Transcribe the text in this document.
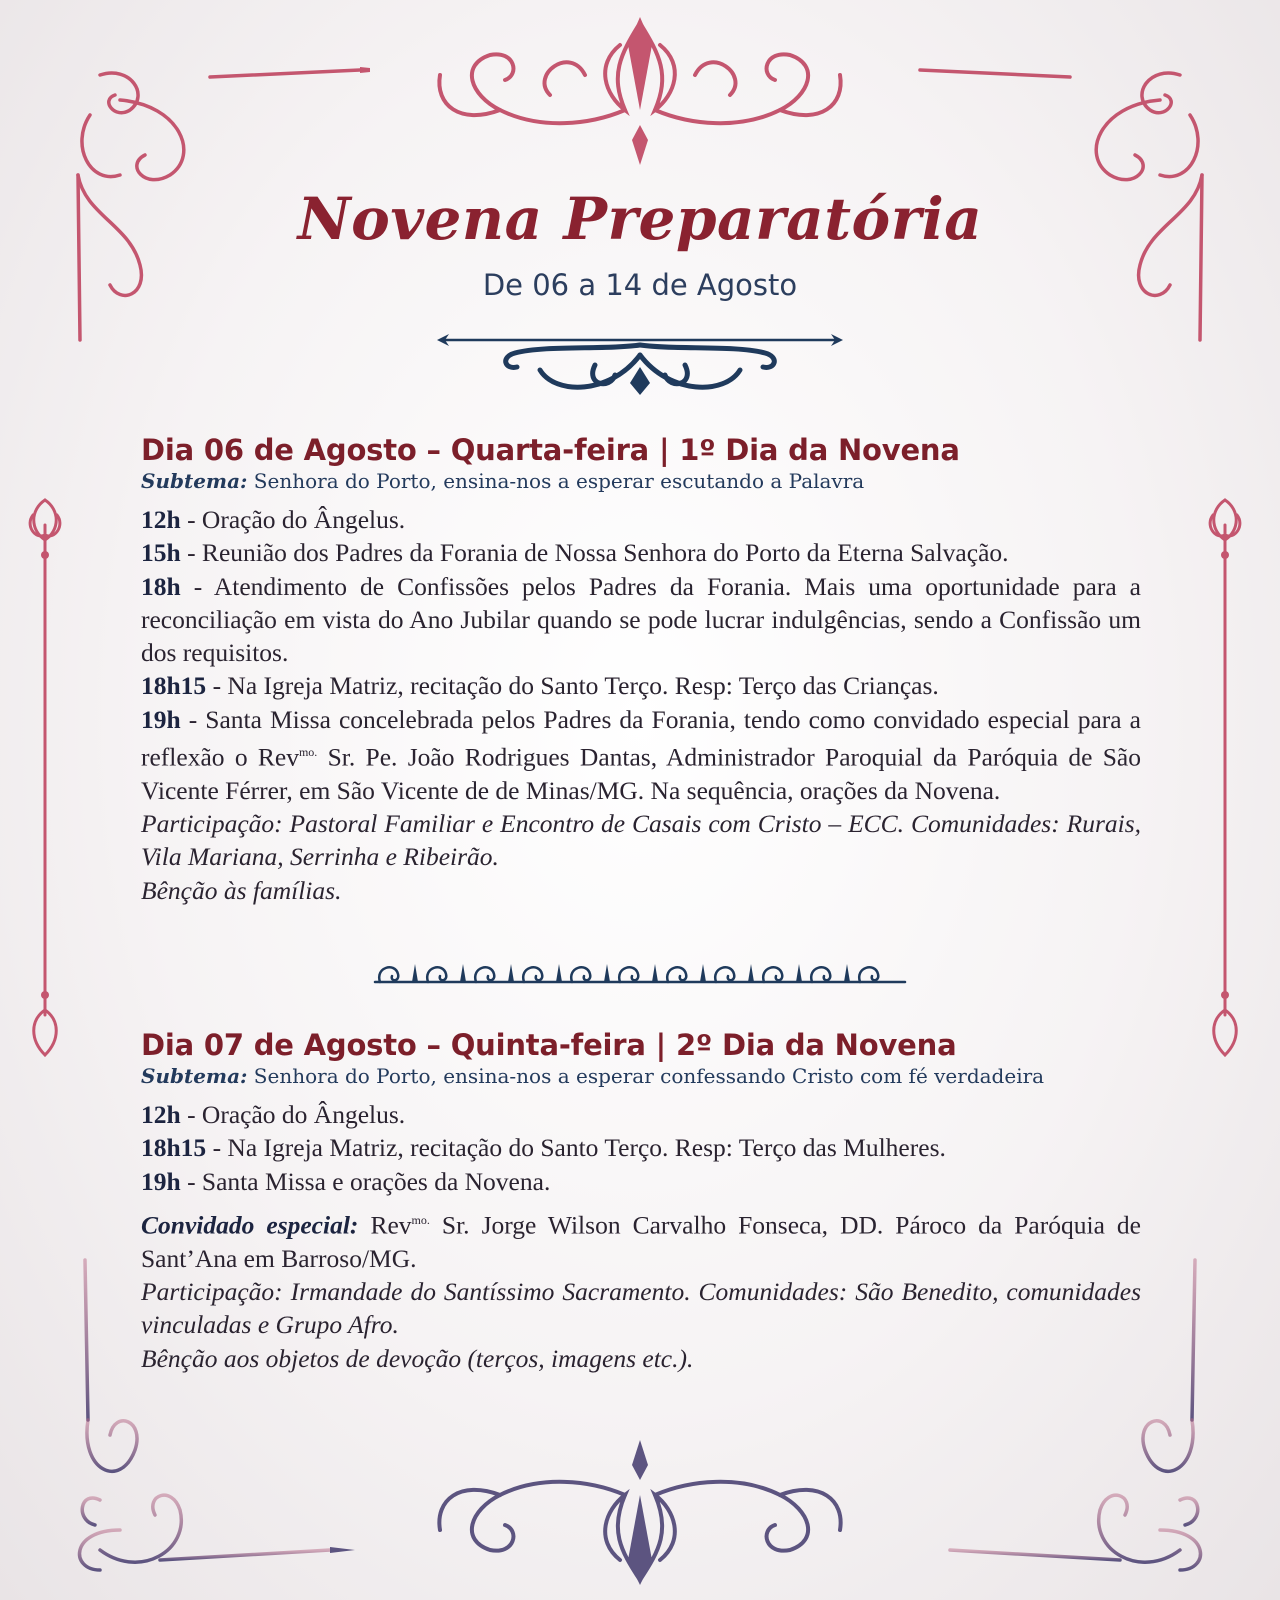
Novena Preparatória
De 06 a 14 de Agosto
Dia 06 de Agosto – Quarta-feira | 1º Dia da Novena
Subtema: Senhora do Porto, ensina-nos a esperar escutando a Palavra
12h - Oração do Ângelus.
15h - Reunião dos Padres da Forania de Nossa Senhora do Porto da Eterna Salvação.
18h - Atendimento de Confissões pelos Padres da Forania. Mais uma oportunidade para a reconciliação em vista do Ano Jubilar quando se pode lucrar indulgências, sendo a Confissão um dos requisitos.
18h15 - Na Igreja Matriz, recitação do Santo Terço. Resp: Terço das Crianças.
19h - Santa Missa concelebrada pelos Padres da Forania, tendo como convidado especial para a reflexão o Rev$^{mo.}$ Sr. Pe. João Rodrigues Dantas, Administrador Paroquial da Paróquia de São Vicente Férrer, em São Vicente de de Minas/MG. Na sequência, orações da Novena.
Participação: Pastoral Familiar e Encontro de Casais com Cristo – ECC. Comunidades: Rurais, Vila Mariana, Serrinha e Ribeirão.
Bênção às famílias.
Dia 07 de Agosto – Quinta-feira | 2º Dia da Novena
Subtema: Senhora do Porto, ensina-nos a esperar confessando Cristo com fé verdadeira
12h - Oração do Ângelus.
18h15 - Na Igreja Matriz, recitação do Santo Terço. Resp: Terço das Mulheres.
19h - Santa Missa e orações da Novena.
Convidado especial: Rev$^{mo.}$ Sr. Jorge Wilson Carvalho Fonseca, DD. Pároco da Paróquia de Sant’Ana em Barroso/MG.
Participação: Irmandade do Santíssimo Sacramento. Comunidades: São Benedito, comunidades vinculadas e Grupo Afro.
Bênção aos objetos de devoção (terços, imagens etc.).
